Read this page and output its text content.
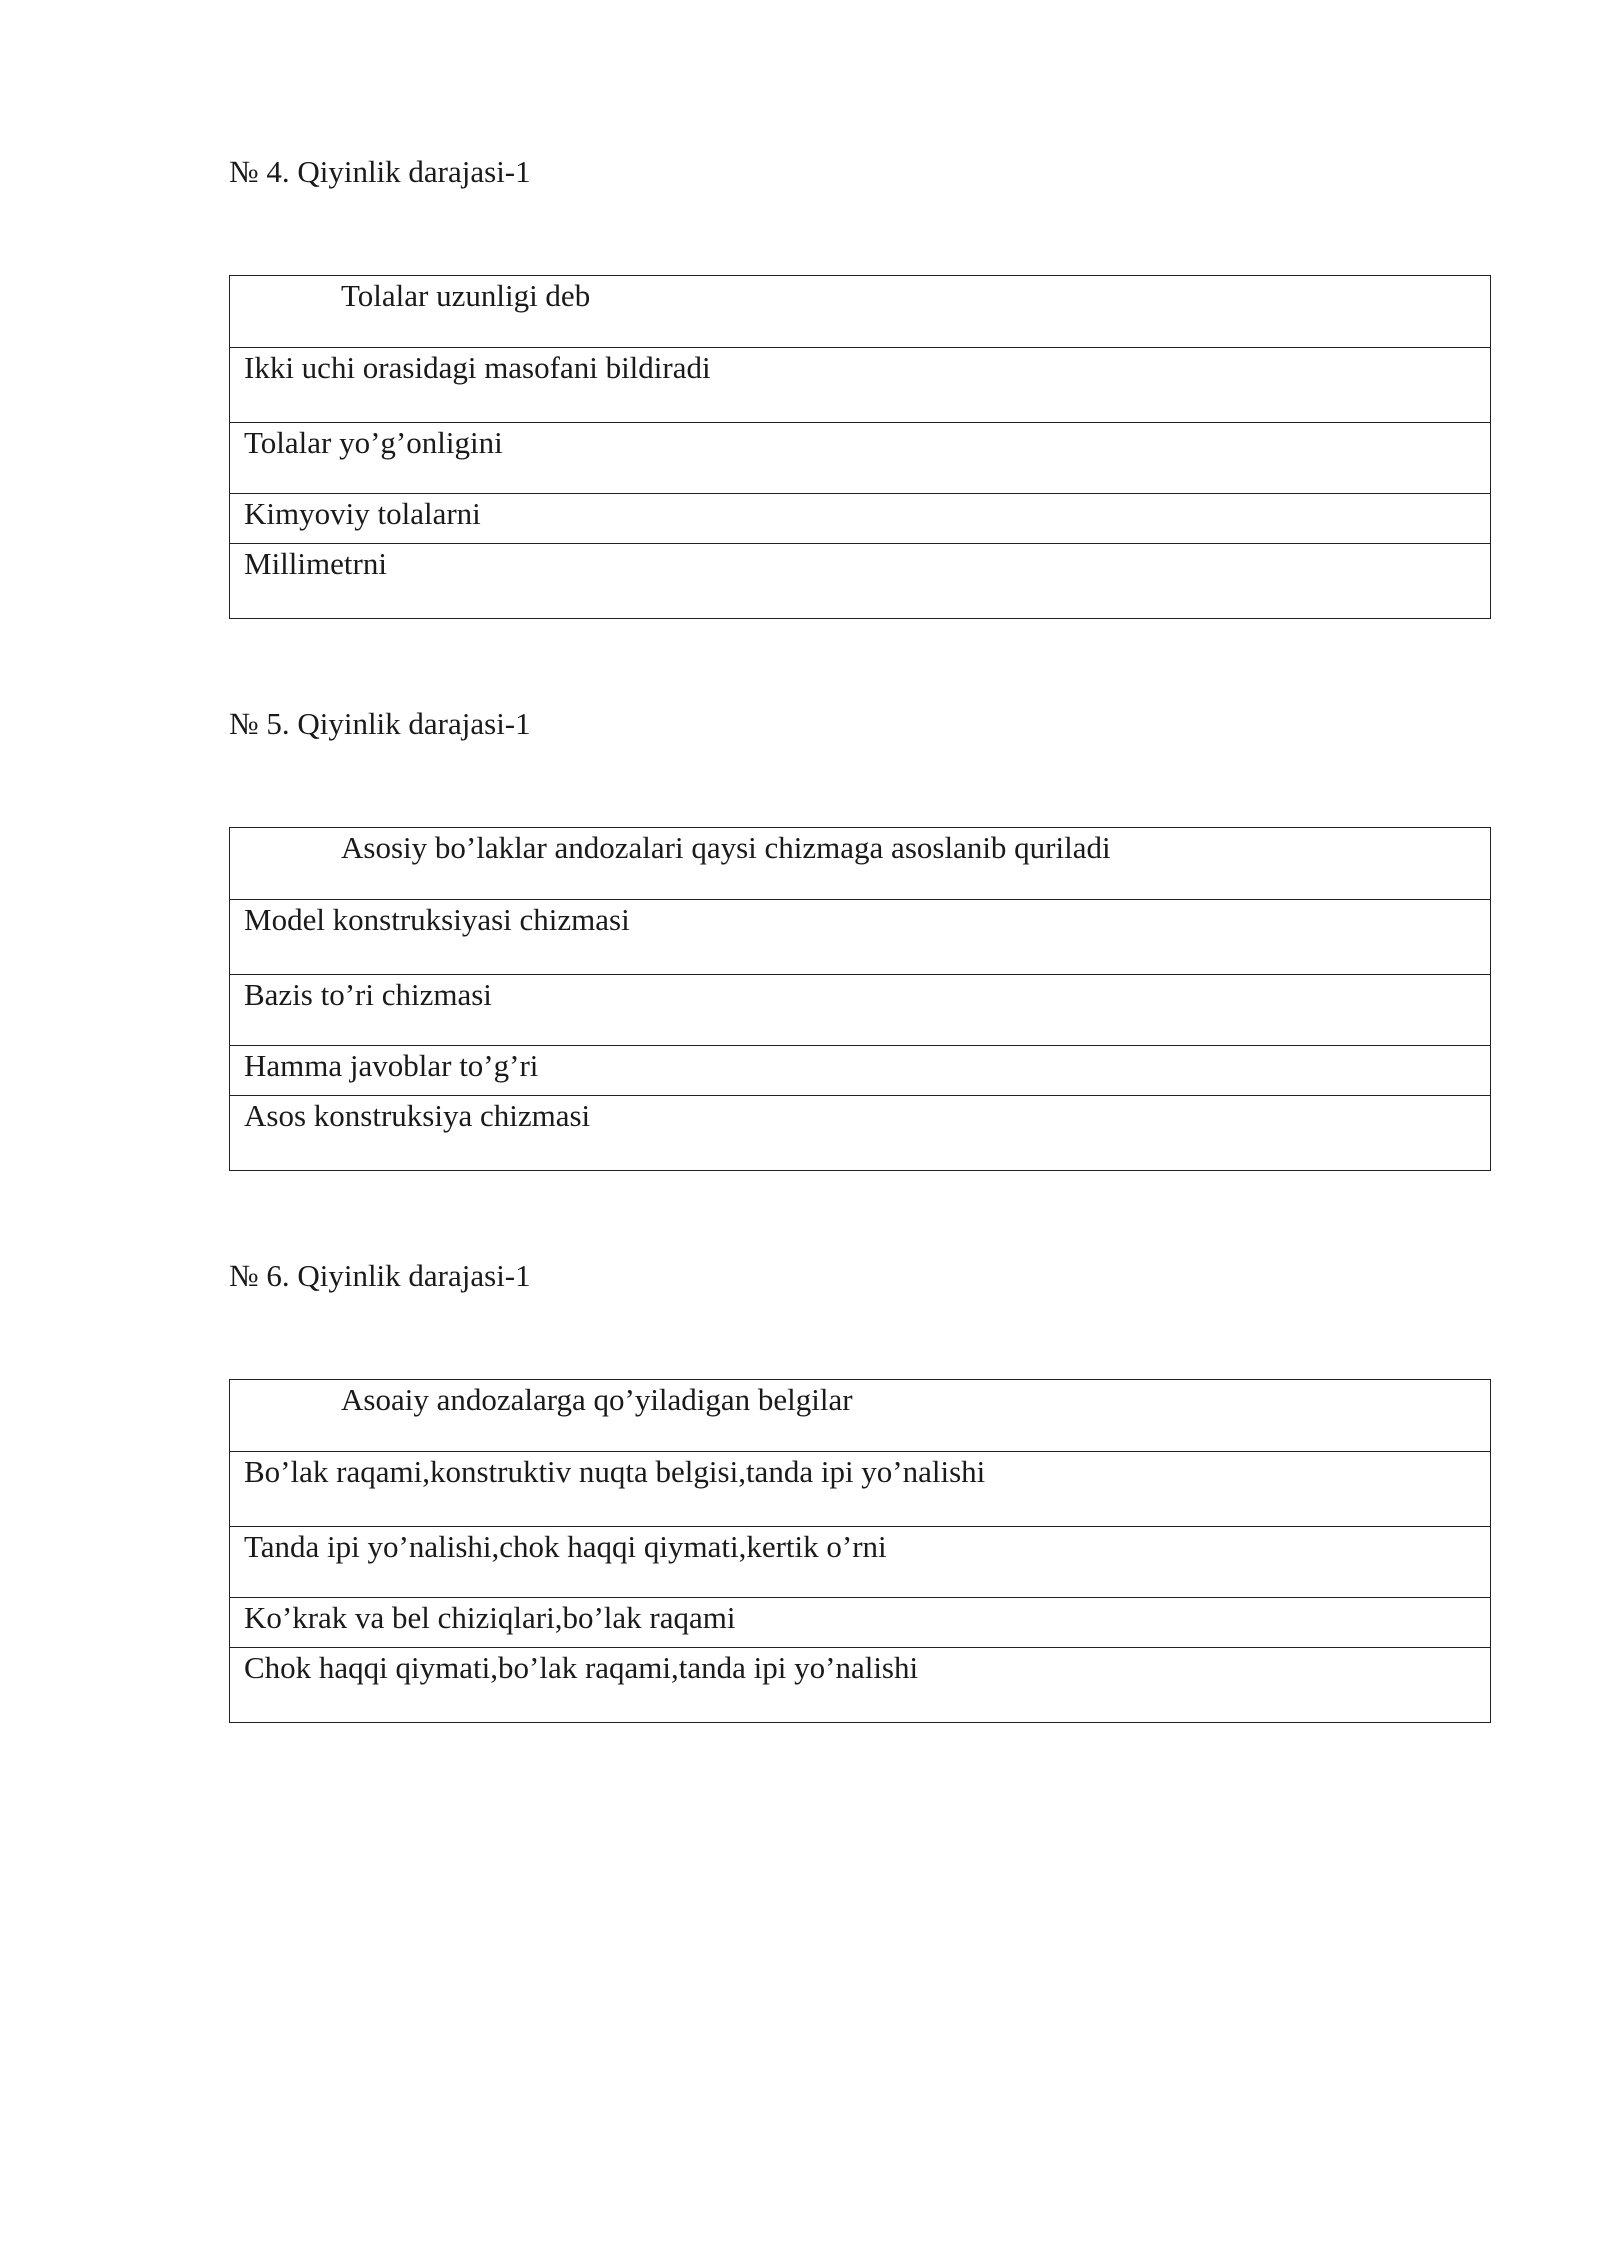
№ 4. Qiyinlik darajasi-1

Tolalar uzunligi deb
Ikki uchi orasidagi masofani bildiradi
Tolalar yo’g’onligini
Kimyoviy tolalarni
Millimetrni

№ 5. Qiyinlik darajasi-1

Asosiy bo’laklar andozalari qaysi chizmaga asoslanib quriladi
Model konstruksiyasi chizmasi
Bazis to’ri chizmasi
Hamma javoblar to’g’ri
Asos konstruksiya chizmasi

№ 6. Qiyinlik darajasi-1

Asoaiy andozalarga qo’yiladigan belgilar
Bo’lak raqami,konstruktiv nuqta belgisi,tanda ipi yo’nalishi
Tanda ipi yo’nalishi,chok haqqi qiymati,kertik o’rni
Ko’krak va bel chiziqlari,bo’lak raqami
Chok haqqi qiymati,bo’lak raqami,tanda ipi yo’nalishi
